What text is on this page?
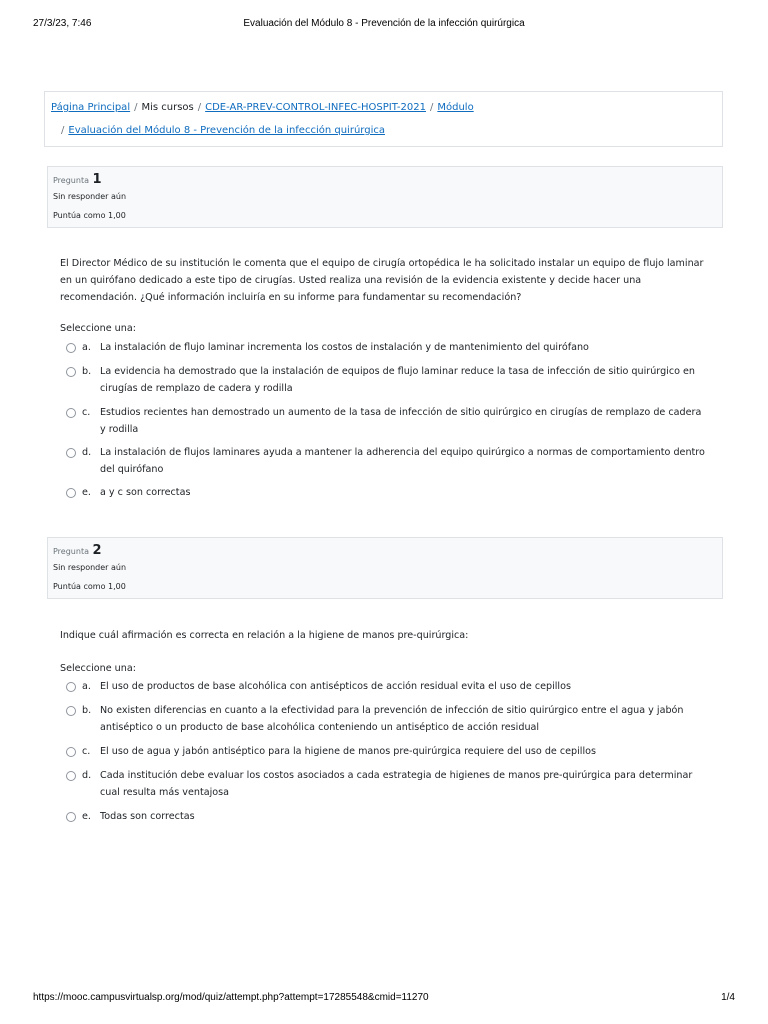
27/3/23, 7:46	Evaluación del Módulo 8 - Prevención de la infección quirúrgica
Página Principal / Mis cursos / CDE-AR-PREV-CONTROL-INFEC-HOSPIT-2021 / Módulo
/ Evaluación del Módulo 8 - Prevención de la infección quirúrgica
Pregunta 1
Sin responder aún
Puntúa como 1,00
El Director Médico de su institución le comenta que el equipo de cirugía ortopédica le ha solicitado instalar un equipo de flujo laminar en un quirófano dedicado a este tipo de cirugías. Usted realiza una revisión de la evidencia existente y decide hacer una recomendación. ¿Qué información incluiría en su informe para fundamentar su recomendación?
Seleccione una:
a. La instalación de flujo laminar incrementa los costos de instalación y de mantenimiento del quirófano
b. La evidencia ha demostrado que la instalación de equipos de flujo laminar reduce la tasa de infección de sitio quirúrgico en cirugías de remplazo de cadera y rodilla
c. Estudios recientes han demostrado un aumento de la tasa de infección de sitio quirúrgico en cirugías de remplazo de cadera y rodilla
d. La instalación de flujos laminares ayuda a mantener la adherencia del equipo quirúrgico a normas de comportamiento dentro del quirófano
e. a y c son correctas
Pregunta 2
Sin responder aún
Puntúa como 1,00
Indique cuál afirmación es correcta en relación a la higiene de manos pre-quirúrgica:
Seleccione una:
a. El uso de productos de base alcohólica con antisépticos de acción residual evita el uso de cepillos
b. No existen diferencias en cuanto a la efectividad para la prevención de infección de sitio quirúrgico entre el agua y jabón antiséptico o un producto de base alcohólica conteniendo un antiséptico de acción residual
c. El uso de agua y jabón antiséptico para la higiene de manos pre-quirúrgica requiere del uso de cepillos
d. Cada institución debe evaluar los costos asociados a cada estrategia de higienes de manos pre-quirúrgica para determinar cual resulta más ventajosa
e. Todas son correctas
https://mooc.campusvirtualsp.org/mod/quiz/attempt.php?attempt=17285548&cmid=11270	1/4
